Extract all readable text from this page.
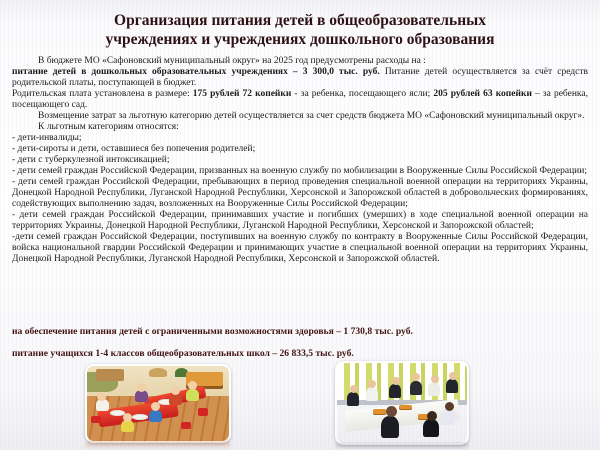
Организация питания детей в общеобразовательных учреждениях и учреждениях дошкольного образования

В бюджете МО «Сафоновский муниципальный округ» на 2025 год предусмотрены расходы на :

питание детей в дошкольных образовательных учреждениях – 3 300,0 тыс. руб. Питание детей осуществляется за счёт средств родительской платы, поступающей в бюджет.

Родительская плата установлена в размере: 175 рублей 72 копейки - за ребенка, посещающего ясли; 205 рублей 63 копейки – за ребенка, посещающего сад.

Возмещение затрат за льготную категорию детей осуществляется за счет средств бюджета МО «Сафоновский муниципальный округ».

К льготным категориям относятся:

- дети-инвалиды;

- дети-сироты и дети, оставшиеся без попечения родителей;

- дети с туберкулезной интоксикацией;

- дети семей граждан Российской Федерации, призванных на военную службу по мобилизации в Вооруженные Силы Российской Федерации;

- дети семей граждан Российской Федерации, пребывающих в период проведения специальной военной операции на территориях Украины, Донецкой Народной Республики, Луганской Народной Республики, Херсонской и Запорожской областей в добровольческих формированиях, содействующих выполнению задач, возложенных на Вооруженные Силы Российской Федерации;

- дети семей граждан Российской Федерации, принимавших участие и погибших (умерших) в ходе специальной военной операции на территориях Украины, Донецкой Народной Республики, Луганской Народной Республики, Херсонской и Запорожской областей;

-дети семей граждан Российской Федерации, поступивших на военную службу по контракту в Вооруженные Силы Российской Федерации, войска национальной гвардии Российской Федерации и принимающих участие в специальной военной операции на территориях Украины, Донецкой Народной Республики, Луганской Народной Республики, Херсонской и Запорожской областей.

на обеспечение питания детей с ограниченными возможностями здоровья – 1 730,8 тыс. руб.
питание учащихся 1-4 классов общеобразовательных школ – 26 833,5 тыс. руб.
